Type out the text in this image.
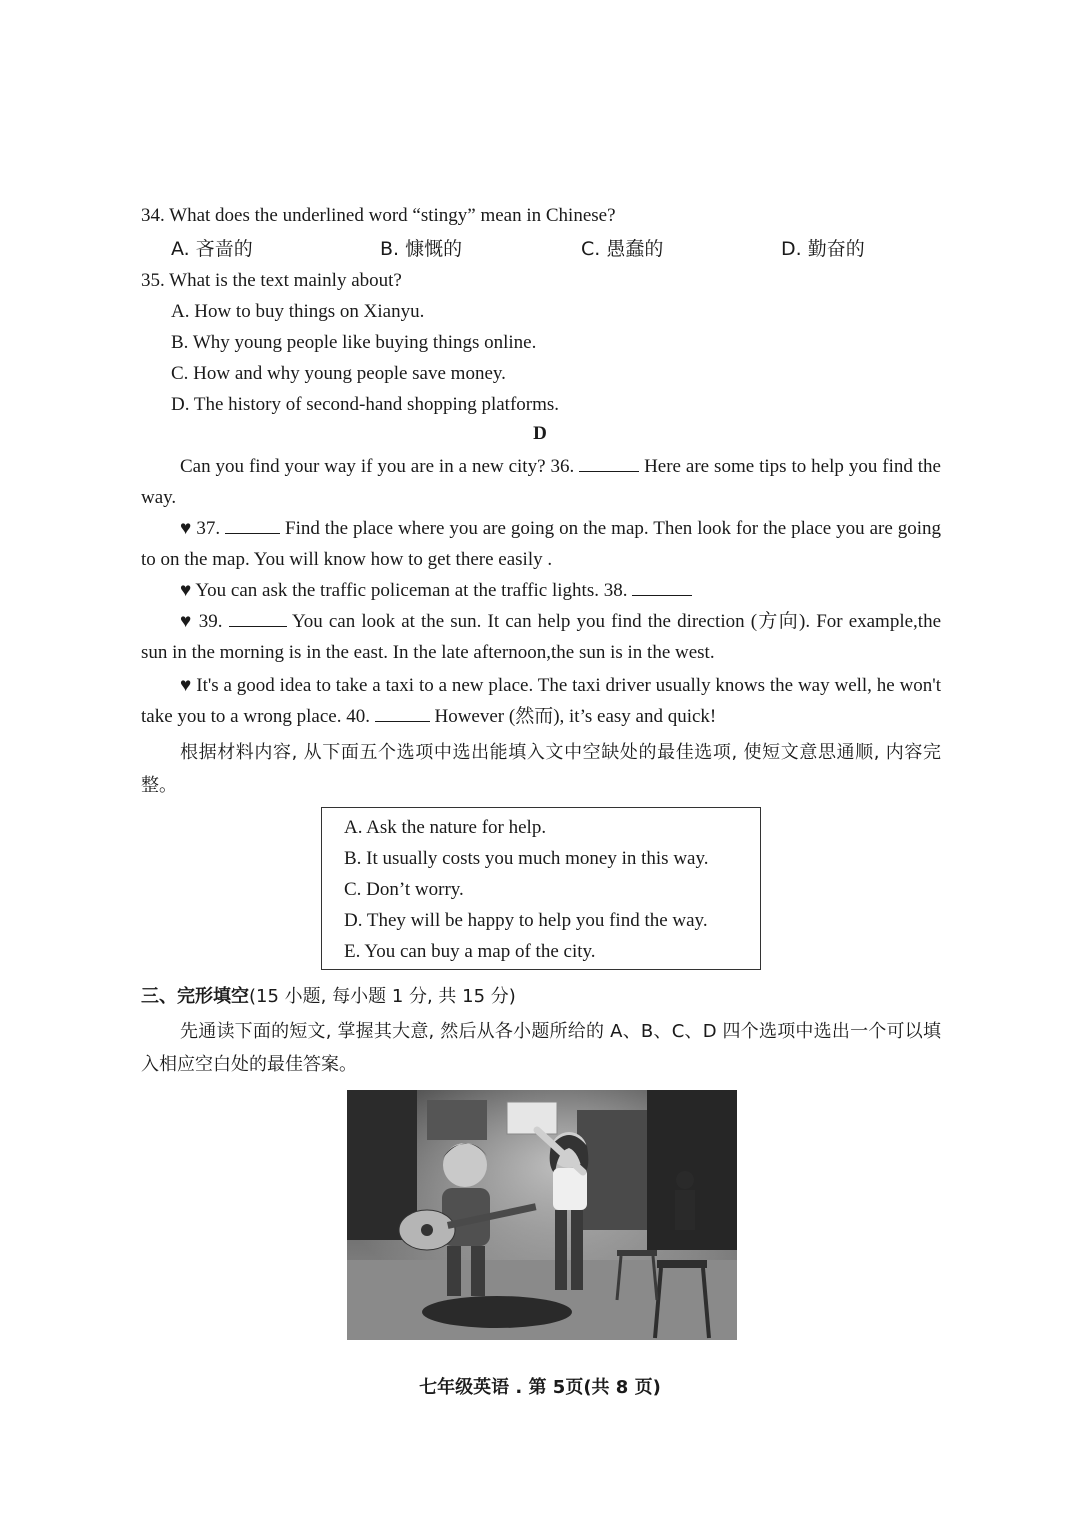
34. What does the underlined word “stingy” mean in Chinese?
A. 吝啬的	B. 慷慨的	C. 愚蠢的	D. 勤奋的
35. What is the text mainly about?
A. How to buy things on Xianyu.
B. Why young people like buying things online.
C. How and why young people save money.
D. The history of second-hand shopping platforms.
D
Can you find your way if you are in a new city? 36.	Here are some tips to help you find the way.
♥ 37.	Find the place where you are going on the map. Then look for the place you are going to on the map. You will know how to get there easily .
♥ You can ask the traffic policeman at the traffic lights. 38.
♥ 39.	You can look at the sun. It can help you find the direction (方向). For example,the sun in the morning is in the east. In the late afternoon,the sun is in the west.
♥ It's a good idea to take a taxi to a new place. The taxi driver usually knows the way well, he won't take you to a wrong place. 40.	However (然而), it’s easy and quick!
根据材料内容, 从下面五个选项中选出能填入文中空缺处的最佳选项, 使短文意思通顺, 内容完整。
A. Ask the nature for help.
B. It usually costs you much money in this way.
C. Don’t worry.
D. They will be happy to help you find the way.
E. You can buy a map of the city.
三、完形填空(15 小题, 每小题 1 分, 共 15 分)
先通读下面的短文, 掌握其大意, 然后从各小题所给的 A、B、C、D 四个选项中选出一个可以填入相应空白处的最佳答案。
七年级英语 . 第 5页(共 8 页)
